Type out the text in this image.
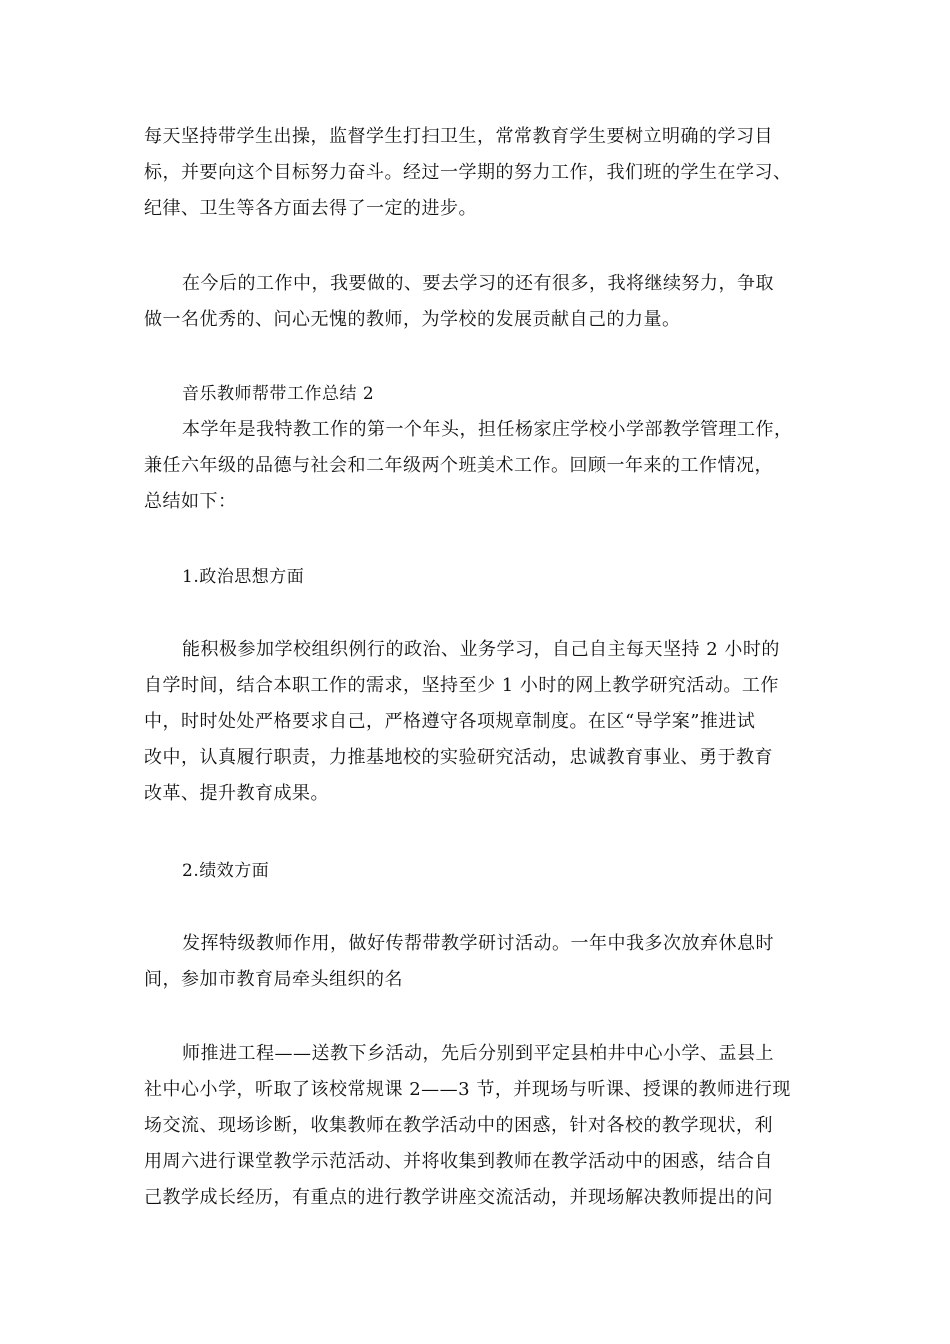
每天坚持带学生出操，监督学生打扫卫生，常常教育学生要树立明确的学习目

标，并要向这个目标努力奋斗。经过一学期的努力工作，我们班的学生在学习、

纪律、卫生等各方面去得了一定的进步。

在今后的工作中，我要做的、要去学习的还有很多，我将继续努力，争取

做一名优秀的、问心无愧的教师，为学校的发展贡献自己的力量。

音乐教师帮带工作总结 2

本学年是我特教工作的第一个年头，担任杨家庄学校小学部教学管理工作，

兼任六年级的品德与社会和二年级两个班美术工作。回顾一年来的工作情况，

总结如下：

1.政治思想方面

能积极参加学校组织例行的政治、业务学习，自己自主每天坚持 2 小时的

自学时间，结合本职工作的需求，坚持至少 1 小时的网上教学研究活动。工作

中，时时处处严格要求自己，严格遵守各项规章制度。在区“导学案”推进试

改中，认真履行职责，力推基地校的实验研究活动，忠诚教育事业、勇于教育

改革、提升教育成果。

2.绩效方面

发挥特级教师作用，做好传帮带教学研讨活动。一年中我多次放弃休息时

间，参加市教育局牵头组织的名

师推进工程——送教下乡活动，先后分别到平定县柏井中心小学、盂县上

社中心小学，听取了该校常规课 2——3 节，并现场与听课、授课的教师进行现

场交流、现场诊断，收集教师在教学活动中的困惑，针对各校的教学现状，利

用周六进行课堂教学示范活动、并将收集到教师在教学活动中的困惑，结合自

己教学成长经历，有重点的进行教学讲座交流活动，并现场解决教师提出的问
